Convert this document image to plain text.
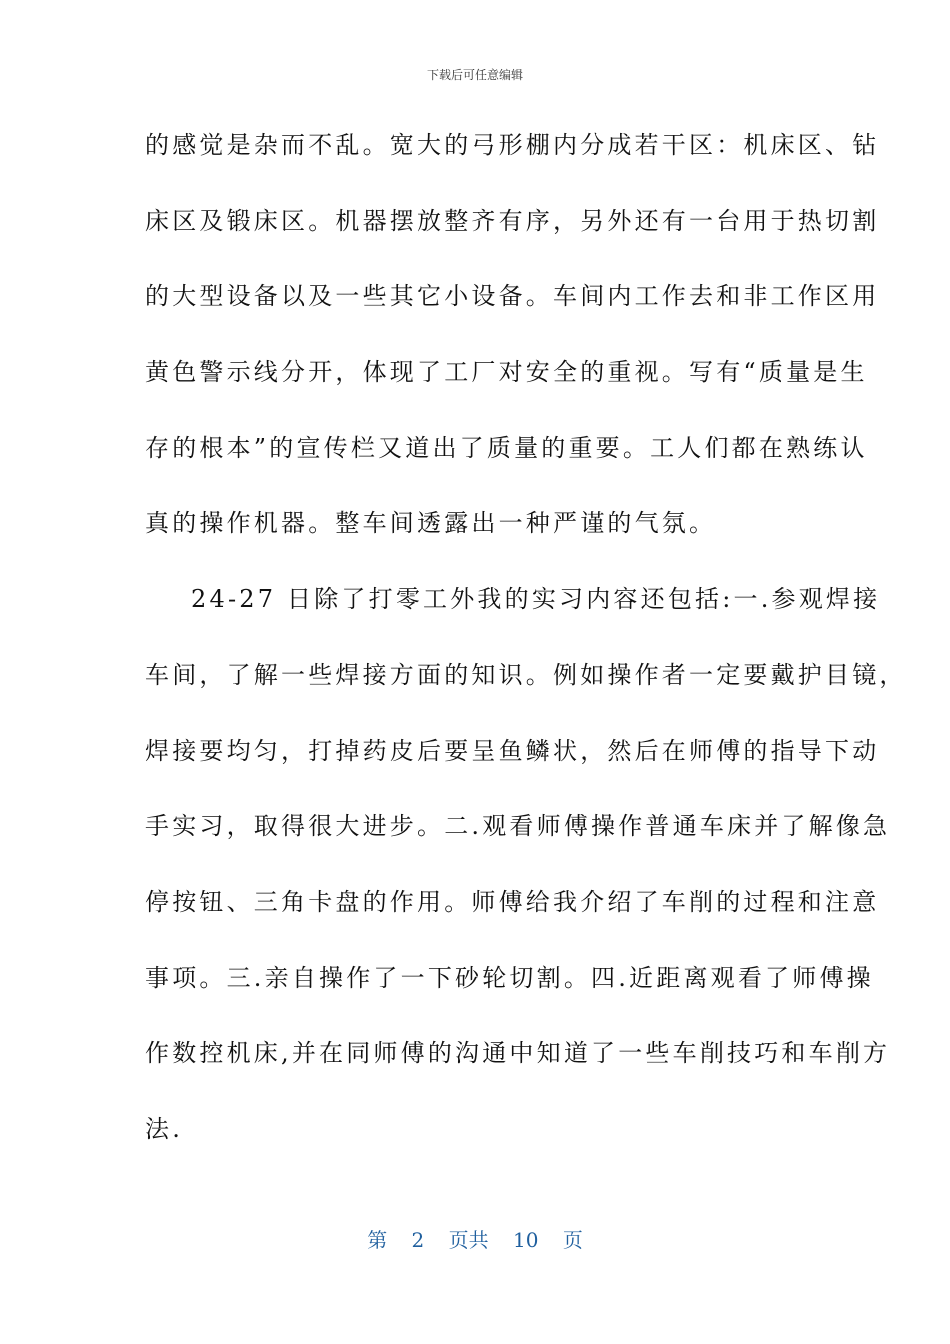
下载后可任意编辑
的感觉是杂而不乱。宽大的弓形棚内分成若干区：机床区、钻
床区及锻床区。机器摆放整齐有序，另外还有一台用于热切割
的大型设备以及一些其它小设备。车间内工作去和非工作区用
黄色警示线分开，体现了工厂对安全的重视。写有“质量是生
存的根本”的宣传栏又道出了质量的重要。工人们都在熟练认
真的操作机器。整车间透露出一种严谨的气氛。
24-27 日除了打零工外我的实习内容还包括:一.参观焊接
车间，了解一些焊接方面的知识。例如操作者一定要戴护目镜，
焊接要均匀，打掉药皮后要呈鱼鳞状，然后在师傅的指导下动
手实习，取得很大进步。二.观看师傅操作普通车床并了解像急
停按钮、三角卡盘的作用。师傅给我介绍了车削的过程和注意
事项。三.亲自操作了一下砂轮切割。四.近距离观看了师傅操
作数控机床,并在同师傅的沟通中知道了一些车削技巧和车削方
法.
第 2 页共 10 页
